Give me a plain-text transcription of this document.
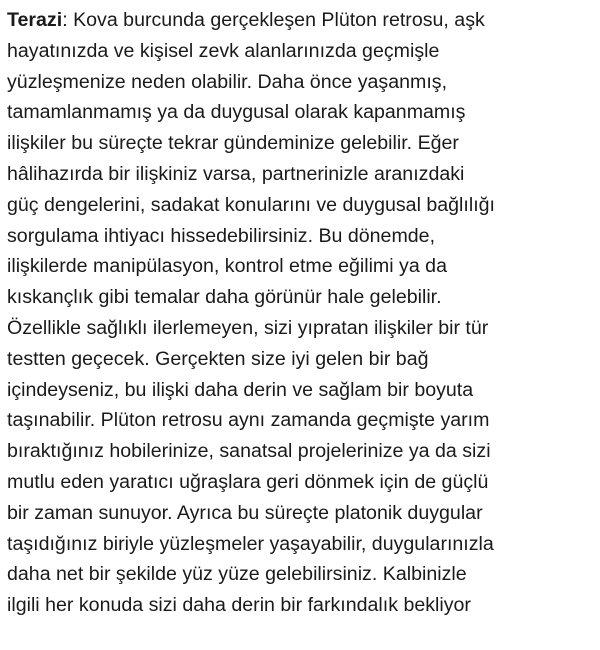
Terazi: Kova burcunda gerçekleşen Plüton retrosu, aşk
hayatınızda ve kişisel zevk alanlarınızda geçmişle
yüzleşmenize neden olabilir. Daha önce yaşanmış,
tamamlanmamış ya da duygusal olarak kapanmamış
ilişkiler bu süreçte tekrar gündeminize gelebilir. Eğer
hâlihazırda bir ilişkiniz varsa, partnerinizle aranızdaki
güç dengelerini, sadakat konularını ve duygusal bağlılığı
sorgulama ihtiyacı hissedebilirsiniz. Bu dönemde,
ilişkilerde manipülasyon, kontrol etme eğilimi ya da
kıskançlık gibi temalar daha görünür hale gelebilir.
Özellikle sağlıklı ilerlemeyen, sizi yıpratan ilişkiler bir tür
testten geçecek. Gerçekten size iyi gelen bir bağ
içindeyseniz, bu ilişki daha derin ve sağlam bir boyuta
taşınabilir. Plüton retrosu aynı zamanda geçmişte yarım
bıraktığınız hobilerinize, sanatsal projelerinize ya da sizi
mutlu eden yaratıcı uğraşlara geri dönmek için de güçlü
bir zaman sunuyor. Ayrıca bu süreçte platonik duygular
taşıdığınız biriyle yüzleşmeler yaşayabilir, duygularınızla
daha net bir şekilde yüz yüze gelebilirsiniz. Kalbinizle
ilgili her konuda sizi daha derin bir farkındalık bekliyor
